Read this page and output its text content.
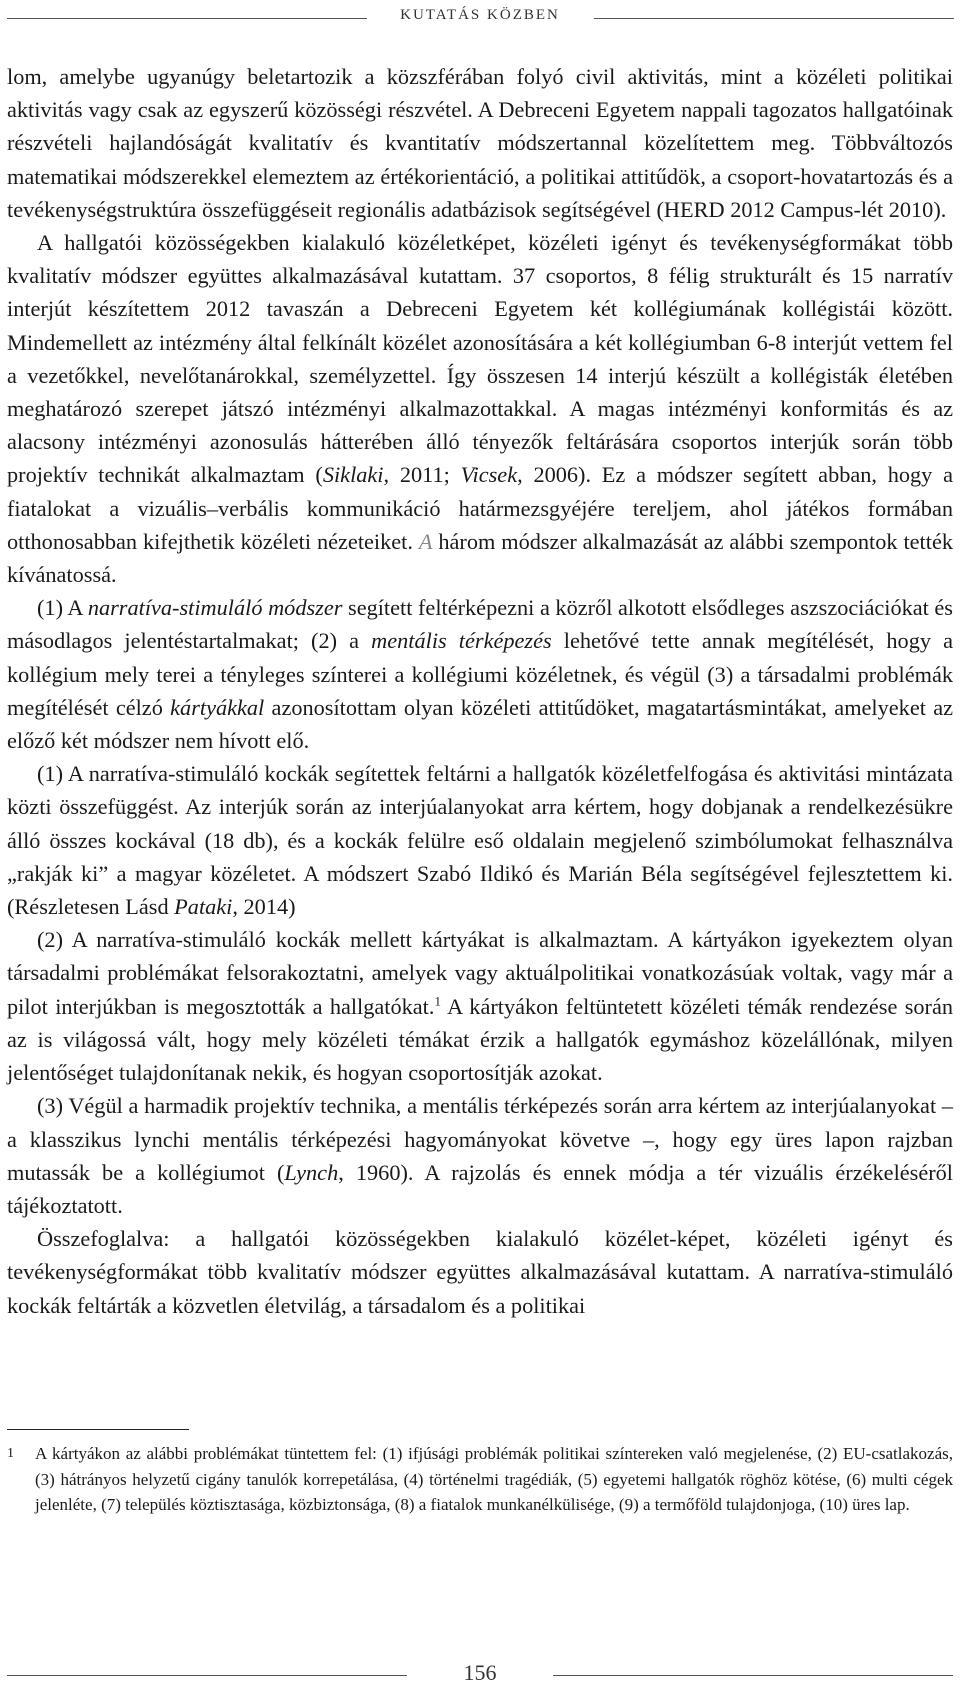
KUTATÁS KÖZBEN

lom, amelybe ugyanúgy beletartozik a közszférában folyó civil aktivitás, mint a közéleti politikai aktivitás vagy csak az egyszerű közösségi részvétel. A Debreceni Egyetem nappali tagozatos hallgatóinak részvételi hajlandóságát kvalitatív és kvantitatív módszertannal közelítettem meg. Többváltozós matematikai módszerekkel elemeztem az értékorientáció, a politikai attitűdök, a csoport-hovatartozás és a tevékenységstruktúra összefüggéseit regionális adatbázisok segítségével (HERD 2012 Campus-lét 2010).

A hallgatói közösségekben kialakuló közéletképet, közéleti igényt és tevékenységformákat több kvalitatív módszer együttes alkalmazásával kutattam. 37 csoportos, 8 félig strukturált és 15 narratív interjút készítettem 2012 tavaszán a Debreceni Egyetem két kollégiumának kollégistái között. Mindemellett az intézmény által felkínált közélet azonosítására a két kollégiumban 6-8 interjút vettem fel a vezetőkkel, nevelőtanárokkal, személyzettel. Így összesen 14 interjú készült a kollégisták életében meghatározó szerepet játszó intézményi alkalmazottakkal. A magas intézményi konformitás és az alacsony intézményi azonosulás hátterében álló tényezők feltárására csoportos interjúk során több projektív technikát alkalmaztam (Siklaki, 2011; Vicsek, 2006). Ez a módszer segített abban, hogy a fiatalokat a vizuális–verbális kommunikáció határmezsgyéjére tereljem, ahol játékos formában otthonosabban kifejthetik közéleti nézeteiket. A három módszer alkalmazását az alábbi szempontok tették kívánatossá.

(1) A narratíva-stimuláló módszer segített feltérképezni a közről alkotott elsődleges aszszociációkat és másodlagos jelentéstartalmakat; (2) a mentális térképezés lehetővé tette annak megítélését, hogy a kollégium mely terei a tényleges színterei a kollégiumi közéletnek, és végül (3) a társadalmi problémák megítélését célzó kártyákkal azonosítottam olyan közéleti attitűdöket, magatartásmintákat, amelyeket az előző két módszer nem hívott elő.

(1) A narratíva-stimuláló kockák segítettek feltárni a hallgatók közéletfelfogása és aktivitási mintázata közti összefüggést. Az interjúk során az interjúalanyokat arra kértem, hogy dobjanak a rendelkezésükre álló összes kockával (18 db), és a kockák felülre eső oldalain megjelenő szimbólumokat felhasználva „rakják ki” a magyar közéletet. A módszert Szabó Ildikó és Marián Béla segítségével fejlesztettem ki. (Részletesen Lásd Pataki, 2014)

(2) A narratíva-stimuláló kockák mellett kártyákat is alkalmaztam. A kártyákon igyekeztem olyan társadalmi problémákat felsorakoztatni, amelyek vagy aktuálpolitikai vonatkozásúak voltak, vagy már a pilot interjúkban is megosztották a hallgatókat.$^1$ A kártyákon feltüntetett közéleti témák rendezése során az is világossá vált, hogy mely közéleti témákat érzik a hallgatók egymáshoz közelállónak, milyen jelentőséget tulajdonítanak nekik, és hogyan csoportosítják azokat.

(3) Végül a harmadik projektív technika, a mentális térképezés során arra kértem az interjúalanyokat – a klasszikus lynchi mentális térképezési hagyományokat követve –, hogy egy üres lapon rajzban mutassák be a kollégiumot (Lynch, 1960). A rajzolás és ennek módja a tér vizuális érzékeléséről tájékoztatott.

Összefoglalva: a hallgatói közösségekben kialakuló közélet-képet, közéleti igényt és tevékenységformákat több kvalitatív módszer együttes alkalmazásával kutattam. A narratíva-stimuláló kockák feltárták a közvetlen életvilág, a társadalom és a politikai

1 A kártyákon az alábbi problémákat tüntettem fel: (1) ifjúsági problémák politikai színtereken való megjelenése, (2) EU-csatlakozás, (3) hátrányos helyzetű cigány tanulók korrepetálása, (4) történelmi tragédiák, (5) egyetemi hallgatók röghöz kötése, (6) multi cégek jelenléte, (7) település köztisztasága, közbiztonsága, (8) a fiatalok munkanélkülisége, (9) a termőföld tulajdonjoga, (10) üres lap.
156
